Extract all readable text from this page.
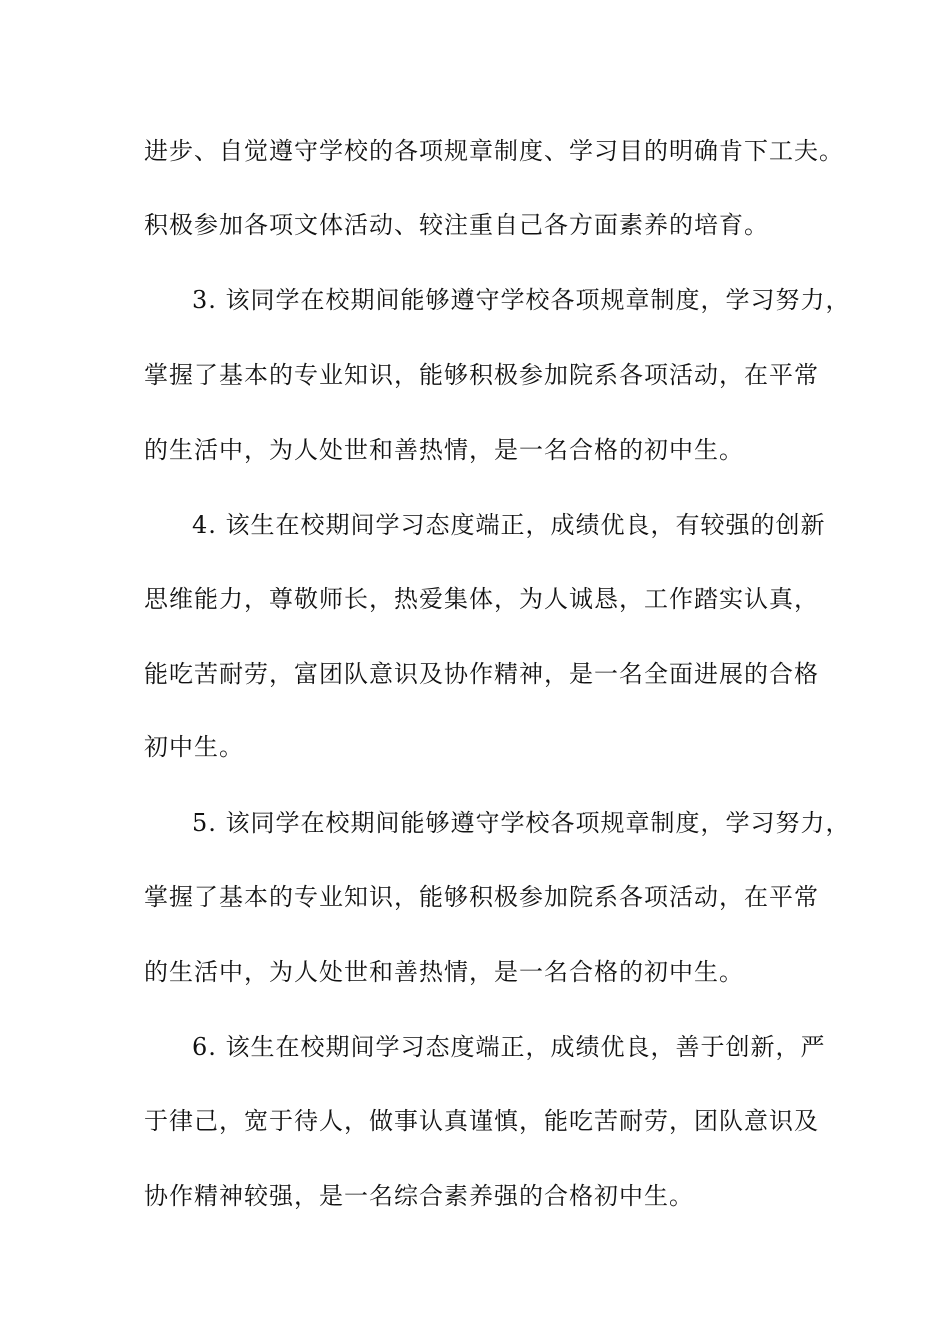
进步、自觉遵守学校的各项规章制度、学习目的明确肯下工夫。
积极参加各项文体活动、较注重自己各方面素养的培育。
3. 该同学在校期间能够遵守学校各项规章制度，学习努力，
掌握了基本的专业知识，能够积极参加院系各项活动，在平常
的生活中，为人处世和善热情，是一名合格的初中生。
4. 该生在校期间学习态度端正，成绩优良，有较强的创新
思维能力，尊敬师长，热爱集体，为人诚恳，工作踏实认真，
能吃苦耐劳，富团队意识及协作精神，是一名全面进展的合格
初中生。
5. 该同学在校期间能够遵守学校各项规章制度，学习努力，
掌握了基本的专业知识，能够积极参加院系各项活动，在平常
的生活中，为人处世和善热情，是一名合格的初中生。
6. 该生在校期间学习态度端正，成绩优良，善于创新，严
于律己，宽于待人，做事认真谨慎，能吃苦耐劳，团队意识及
协作精神较强，是一名综合素养强的合格初中生。
